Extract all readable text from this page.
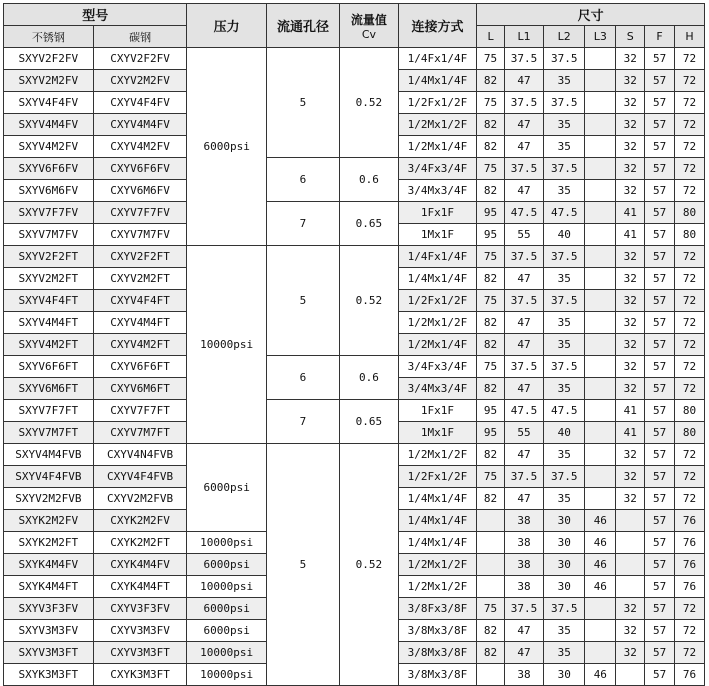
型号		压力	流通孔径	流量值
Cv	连接方式	尺寸						
不锈钢	碳钢					L	L1	L2	L3	S	F	H
SXYV2F2FV	CXYV2F2FV	6000psi	5	0.52	1/4Fx1/4F	75	37.5	37.5		32	57	72
SXYV2M2FV	CXYV2M2FV				1/4Mx1/4F	82	47	35		32	57	72
SXYV4F4FV	CXYV4F4FV				1/2Fx1/2F	75	37.5	37.5		32	57	72
SXYV4M4FV	CXYV4M4FV				1/2Mx1/2F	82	47	35		32	57	72
SXYV4M2FV	CXYV4M2FV				1/2Mx1/4F	82	47	35		32	57	72
SXYV6F6FV	CXYV6F6FV		6	0.6	3/4Fx3/4F	75	37.5	37.5		32	57	72
SXYV6M6FV	CXYV6M6FV				3/4Mx3/4F	82	47	35		32	57	72
SXYV7F7FV	CXYV7F7FV		7	0.65	1Fx1F	95	47.5	47.5		41	57	80
SXYV7M7FV	CXYV7M7FV				1Mx1F	95	55	40		41	57	80
SXYV2F2FT	CXYV2F2FT	10000psi	5	0.52	1/4Fx1/4F	75	37.5	37.5		32	57	72
SXYV2M2FT	CXYV2M2FT				1/4Mx1/4F	82	47	35		32	57	72
SXYV4F4FT	CXYV4F4FT				1/2Fx1/2F	75	37.5	37.5		32	57	72
SXYV4M4FT	CXYV4M4FT				1/2Mx1/2F	82	47	35		32	57	72
SXYV4M2FT	CXYV4M2FT				1/2Mx1/4F	82	47	35		32	57	72
SXYV6F6FT	CXYV6F6FT		6	0.6	3/4Fx3/4F	75	37.5	37.5		32	57	72
SXYV6M6FT	CXYV6M6FT				3/4Mx3/4F	82	47	35		32	57	72
SXYV7F7FT	CXYV7F7FT		7	0.65	1Fx1F	95	47.5	47.5		41	57	80
SXYV7M7FT	CXYV7M7FT				1Mx1F	95	55	40		41	57	80
SXYV4M4FVB	CXYV4N4FVB	6000psi	5	0.52	1/2Mx1/2F	82	47	35		32	57	72
SXYV4F4FVB	CXYV4F4FVB				1/2Fx1/2F	75	37.5	37.5		32	57	72
SXYV2M2FVB	CXYV2M2FVB				1/4Mx1/4F	82	47	35		32	57	72
SXYK2M2FV	CXYK2M2FV				1/4Mx1/4F		38	30	46		57	76
SXYK2M2FT	CXYK2M2FT	10000psi			1/4Mx1/4F		38	30	46		57	76
SXYK4M4FV	CXYK4M4FV	6000psi			1/2Mx1/2F		38	30	46		57	76
SXYK4M4FT	CXYK4M4FT	10000psi			1/2Mx1/2F		38	30	46		57	76
SXYV3F3FV	CXYV3F3FV	6000psi			3/8Fx3/8F	75	37.5	37.5		32	57	72
SXYV3M3FV	CXYV3M3FV	6000psi			3/8Mx3/8F	82	47	35		32	57	72
SXYV3M3FT	CXYV3M3FT	10000psi			3/8Mx3/8F	82	47	35		32	57	72
SXYK3M3FT	CXYK3M3FT	10000psi			3/8Mx3/8F		38	30	46		57	76
